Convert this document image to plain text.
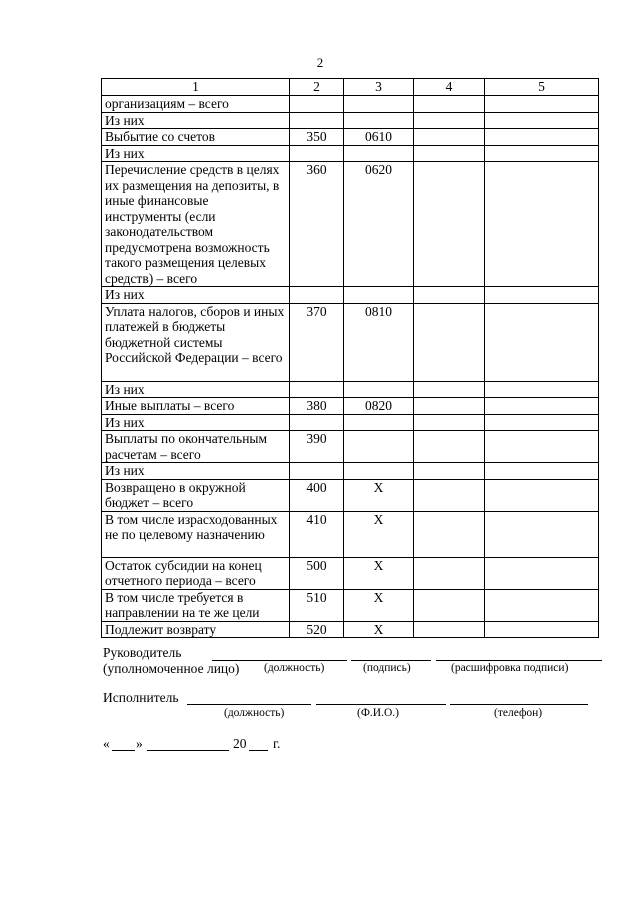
2
1	2	3	4	5
организациям – всего				
Из них				
Выбытие со счетов	350	0610		
Из них				
Перечисление средств в целях их размещения на депозиты, в иные финансовые инструменты (если законодательством предусмотрена возможность такого размещения целевых средств) – всего	360	0620		
Из них				
Уплата налогов, сборов и иных платежей в бюджеты бюджетной системы Российской Федерации – всего	370	0810		
Из них				
Иные выплаты – всего	380	0820		
Из них				
Выплаты по окончательным расчетам – всего	390			
Из них				
Возвращено в окружной бюджет – всего	400	X		
В том числе израсходованных не по целевому назначению	410	X		
Остаток субсидии на конец отчетного периода – всего	500	X		
В том числе требуется в направлении на те же цели	510	X		
Подлежит возврату	520	X		
Руководитель
(уполномоченное лицо) (должность)	(подпись)	(расшифровка подписи)
Исполнитель
(должность)	(Ф.И.О.)	(телефон)
« »	20 г.
